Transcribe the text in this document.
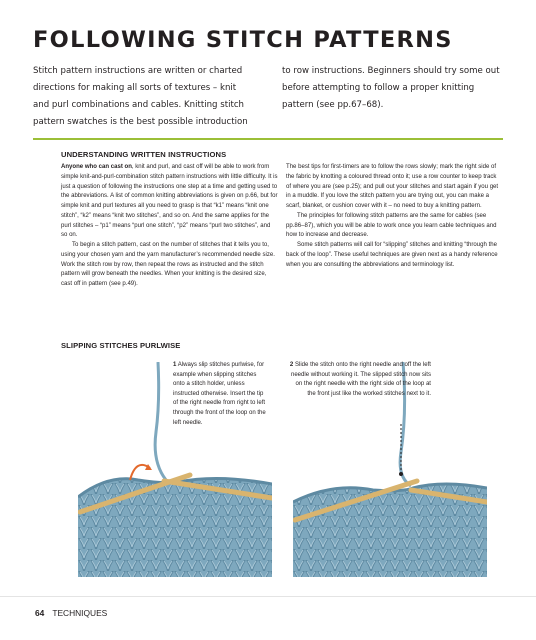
FOLLOWING STITCH PATTERNS

Stitch pattern instructions are written or charted directions for making all sorts of textures – knit and purl combinations and cables. Knitting stitch pattern swatches is the best possible introduction

to row instructions. Beginners should try some out before attempting to follow a proper knitting pattern (see pp.67–68).

UNDERSTANDING WRITTEN INSTRUCTIONS

Anyone who can cast on, knit and purl, and cast off will be able to work from simple knit-and-purl-combination stitch pattern instructions with little difficulty. It is just a question of following the instructions one step at a time and getting used to the abbreviations. A list of common knitting abbreviations is given on p.66, but for simple knit and purl textures all you need to grasp is that “k1” means “knit one stitch”, “k2” means “knit two stitches”, and so on. And the same applies for the purl stitches – “p1” means “purl one stitch”, “p2” means “purl two stitches”, and so on.

To begin a stitch pattern, cast on the number of stitches that it tells you to, using your chosen yarn and the yarn manufacturer’s recommended needle size. Work the stitch row by row, then repeat the rows as instructed and the stitch pattern will grow beneath the needles. When your knitting is the desired size, cast off in pattern (see p.49).

The best tips for first-timers are to follow the rows slowly; mark the right side of the fabric by knotting a coloured thread onto it; use a row counter to keep track of where you are (see p.25); and pull out your stitches and start again if you get in a muddle. If you love the stitch pattern you are trying out, you can make a scarf, blanket, or cushion cover with it – no need to buy a knitting pattern.

The principles for following stitch patterns are the same for cables (see pp.86–87), which you will be able to work once you learn cable techniques and how to increase and decrease.

Some stitch patterns will call for “slipping” stitches and knitting “through the back of the loop”. These useful techniques are given next as a handy reference when you are consulting the abbreviations and terminology list.

SLIPPING STITCHES PURLWISE

1 Always slip stitches purlwise, for example when slipping stitches onto a stitch holder, unless instructed otherwise. Insert the tip of the right needle from right to left through the front of the loop on the left needle.

2 Slide the stitch onto the right needle and off the left needle without working it. The slipped stitch now sits on the right needle with the right side of the loop at the front just like the worked stitches next to it.

64 TECHNIQUES
